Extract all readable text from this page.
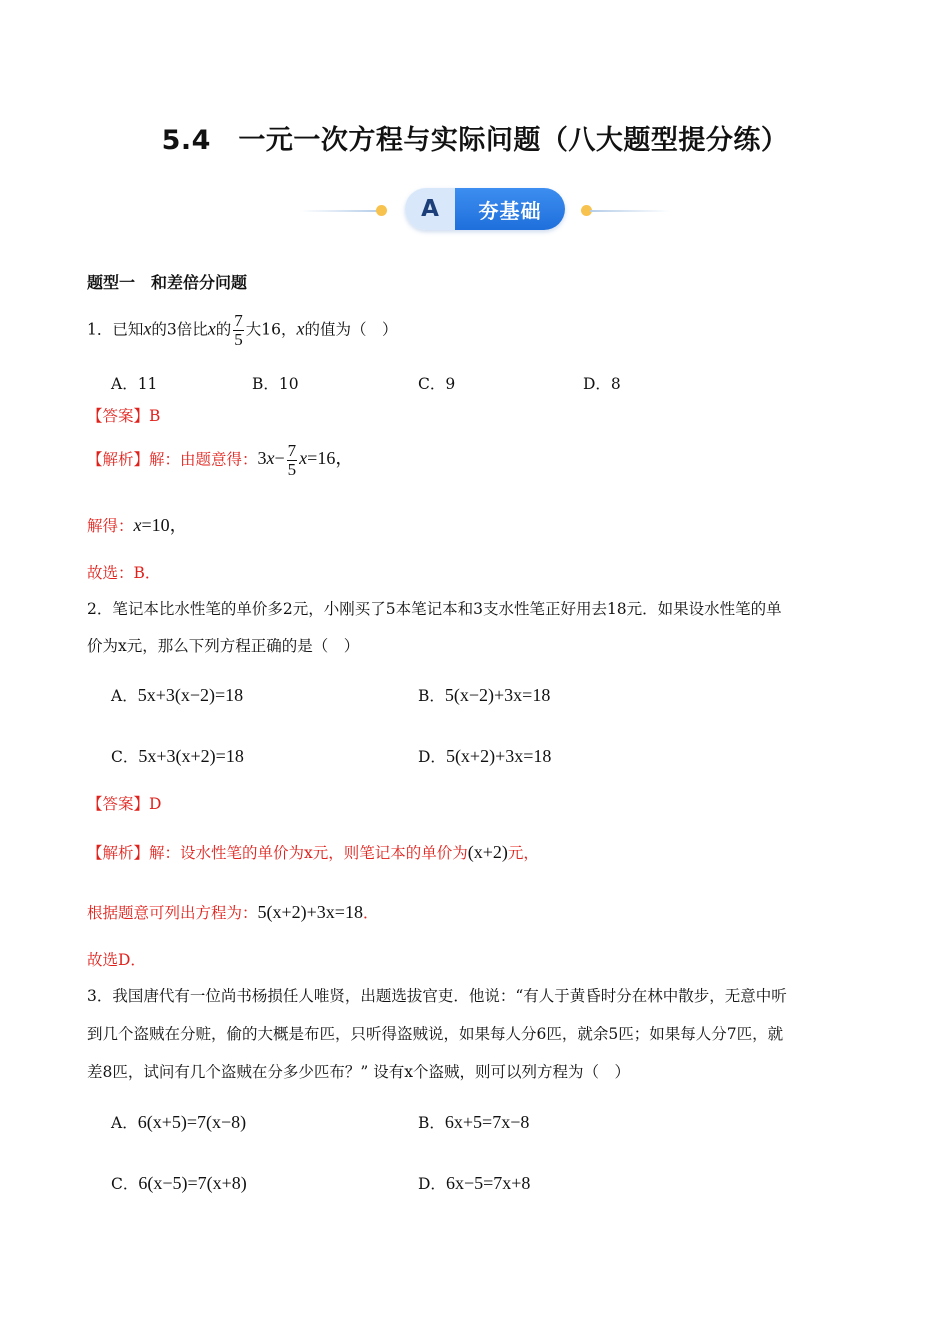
5.4　一元一次方程与实际问题（八大题型提分练）
A	夯基础
题型一　和差倍分问题
1．已知x的3倍比x的 $\frac{7}{5}$ 大16，x的值为（　）
A．11	B．10	C．9	D．8
【答案】B
【解析】解：由题意得：$3x- \frac{7}{5} x=16$，
解得：x=10，
故选：B．
2．笔记本比水性笔的单价多2元，小刚买了5本笔记本和3支水性笔正好用去18元．如果设水性笔的单
价为x元，那么下列方程正确的是（　）
A．5x+3(x−2)=18	B．5(x−2)+3x=18
C．5x+3(x+2)=18	D．5(x+2)+3x=18
【答案】D
【解析】解：设水性笔的单价为x元，则笔记本的单价为(x+2)元，
根据题意可列出方程为：5(x+2)+3x=18．
故选D．
3．我国唐代有一位尚书杨损任人唯贤，出题选拔官吏．他说：“有人于黄昏时分在林中散步，无意中听
到几个盗贼在分赃，偷的大概是布匹，只听得盗贼说，如果每人分6匹，就余5匹；如果每人分7匹，就
差8匹，试问有几个盗贼在分多少匹布？” 设有x个盗贼，则可以列方程为（　）
A．6(x+5)=7(x−8)	B．6x+5=7x−8
C．6(x−5)=7(x+8)	D．6x−5=7x+8
